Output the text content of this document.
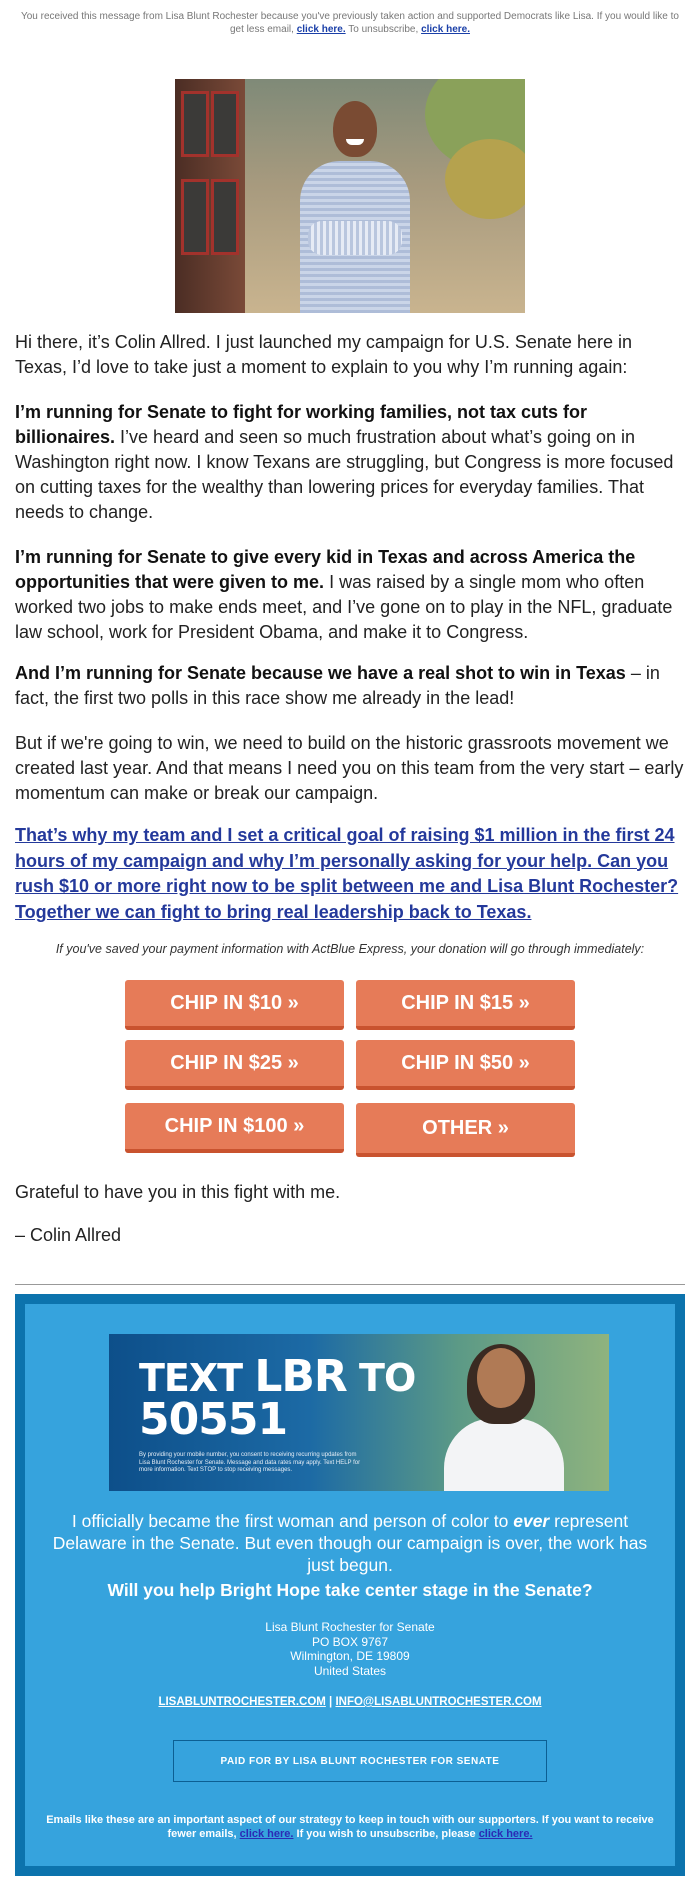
You received this message from Lisa Blunt Rochester because you've previously taken action and supported Democrats like Lisa. If you would like to get less email, click here. To unsubscribe, click here.
Hi there, it’s Colin Allred. I just launched my campaign for U.S. Senate here in Texas, I’d love to take just a moment to explain to you why I’m running again:
I’m running for Senate to fight for working families, not tax cuts for billionaires. I’ve heard and seen so much frustration about what’s going on in Washington right now. I know Texans are struggling, but Congress is more focused on cutting taxes for the wealthy than lowering prices for everyday families. That needs to change.
I’m running for Senate to give every kid in Texas and across America the opportunities that were given to me. I was raised by a single mom who often worked two jobs to make ends meet, and I’ve gone on to play in the NFL, graduate law school, work for President Obama, and make it to Congress.
And I’m running for Senate because we have a real shot to win in Texas – in fact, the first two polls in this race show me already in the lead!
But if we're going to win, we need to build on the historic grassroots movement we created last year. And that means I need you on this team from the very start – early momentum can make or break our campaign.
That’s why my team and I set a critical goal of raising $1 million in the first 24 hours of my campaign and why I’m personally asking for your help. Can you rush $10 or more right now to be split between me and Lisa Blunt Rochester? Together we can fight to bring real leadership back to Texas.
If you've saved your payment information with ActBlue Express, your donation will go through immediately:
CHIP IN $10 »	CHIP IN $15 »
CHIP IN $25 »	CHIP IN $50 »
CHIP IN $100 »	OTHER »
Grateful to have you in this fight with me.
– Colin Allred
TEXT LBR TO
50551
By providing your mobile number, you consent to receiving recurring updates from Lisa Blunt Rochester for Senate. Message and data rates may apply. Text HELP for more information. Text STOP to stop receiving messages.
I officially became the first woman and person of color to ever represent Delaware in the Senate. But even though our campaign is over, the work has just begun.
Will you help Bright Hope take center stage in the Senate?
Lisa Blunt Rochester for Senate
PO BOX 9767
Wilmington, DE 19809
United States
LISABLUNTROCHESTER.COM | INFO@LISABLUNTROCHESTER.COM
PAID FOR BY LISA BLUNT ROCHESTER FOR SENATE
Emails like these are an important aspect of our strategy to keep in touch with our supporters. If you want to receive fewer emails, click here. If you wish to unsubscribe, please click here.
